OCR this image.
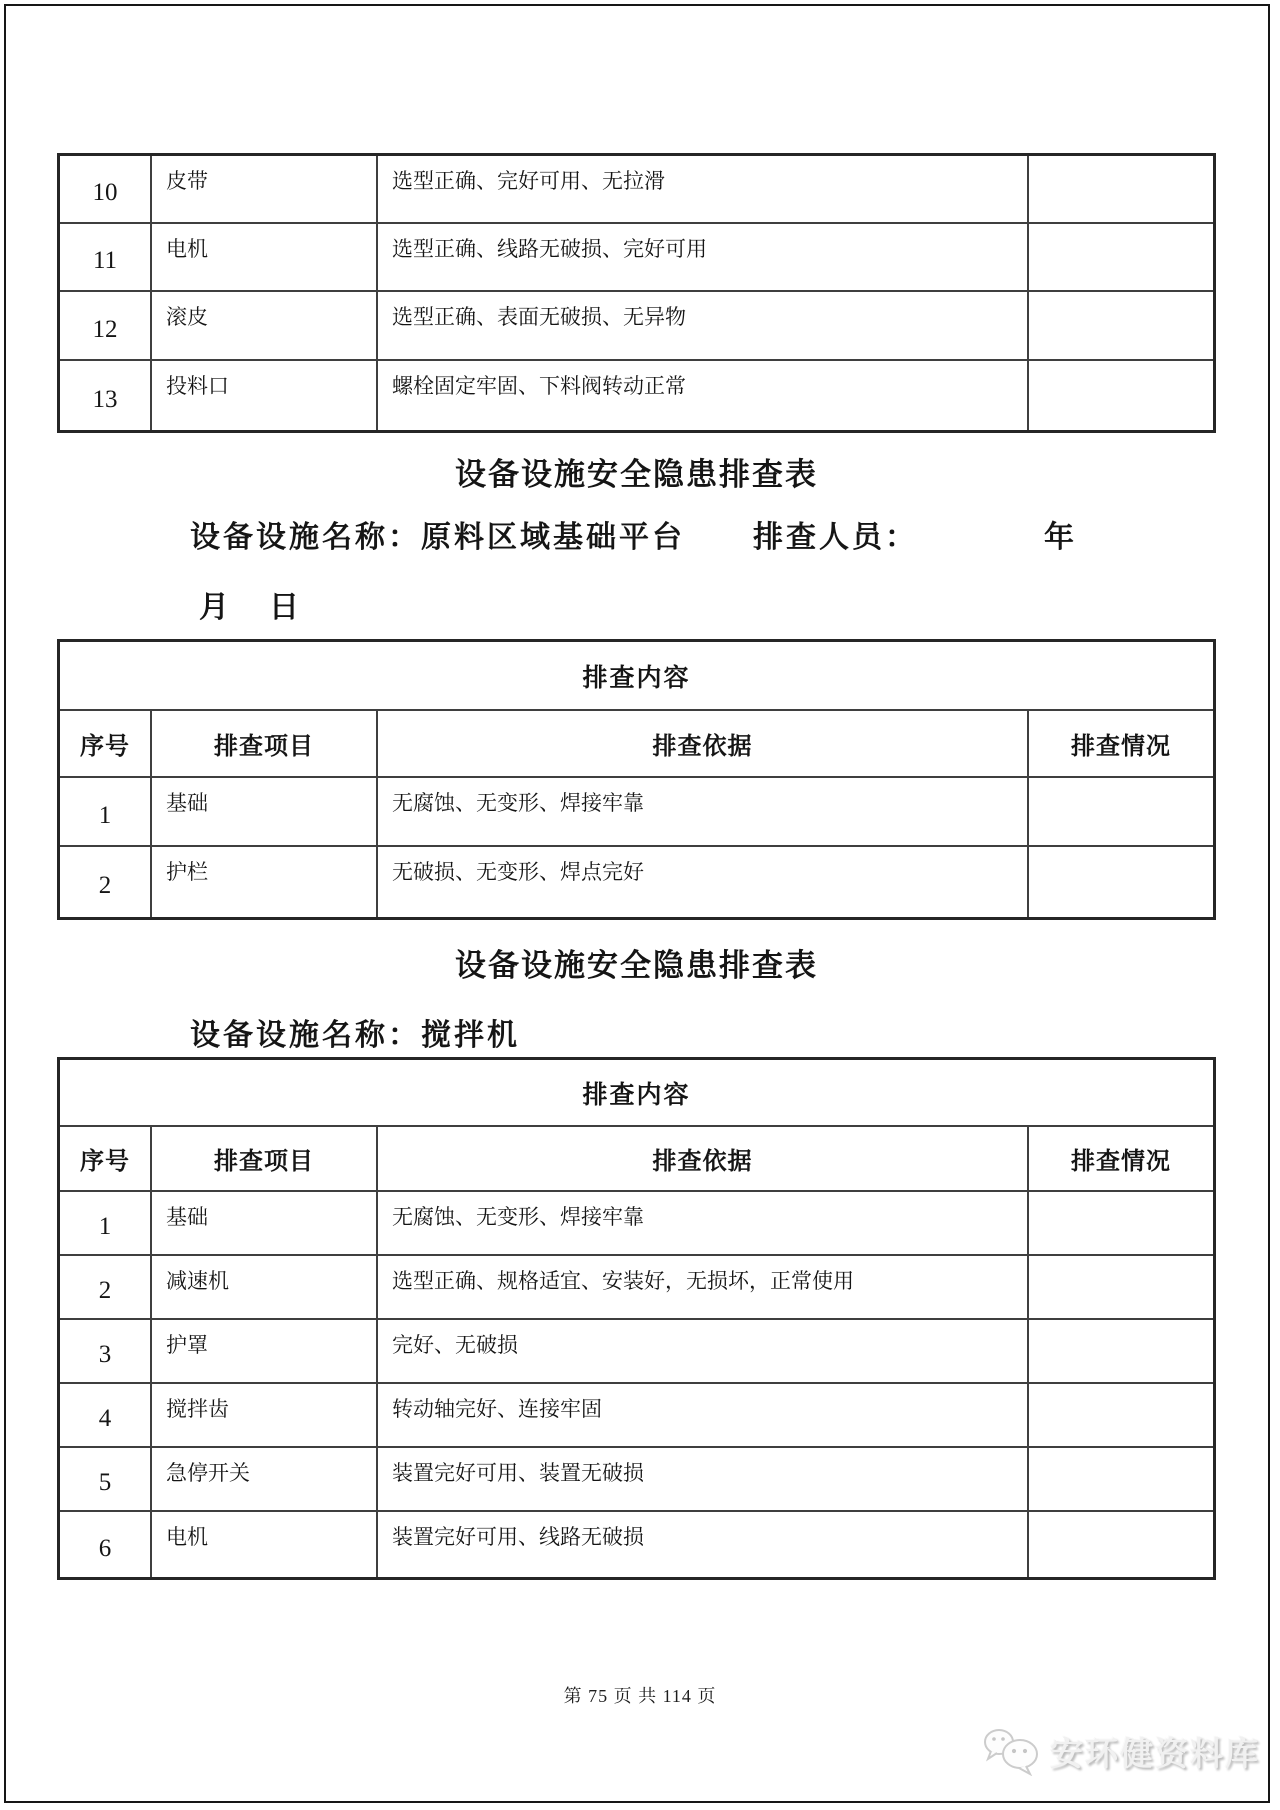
10	皮带	选型正确、完好可用、无拉滑
11	电机	选型正确、线路无破损、完好可用
12	滚皮	选型正确、表面无破损、无异物
13	投料口	螺栓固定牢固、下料阀转动正常
设备设施安全隐患排查表
设备设施名称：原料区域基础平台 排查人员：	年
月 日
排查内容
序号	排查项目	排查依据	排查情况
1	基础	无腐蚀、无变形、焊接牢靠
2	护栏	无破损、无变形、焊点完好
设备设施安全隐患排查表
设备设施名称：搅拌机
排查内容
序号	排查项目	排查依据	排查情况
1	基础	无腐蚀、无变形、焊接牢靠
2	减速机	选型正确、规格适宜、安装好，无损坏，正常使用
3	护罩	完好、无破损
4	搅拌齿	转动轴完好、连接牢固
5	急停开关	装置完好可用、装置无破损
6	电机	装置完好可用、线路无破损
第 75 页 共 114 页
安环健资料库
